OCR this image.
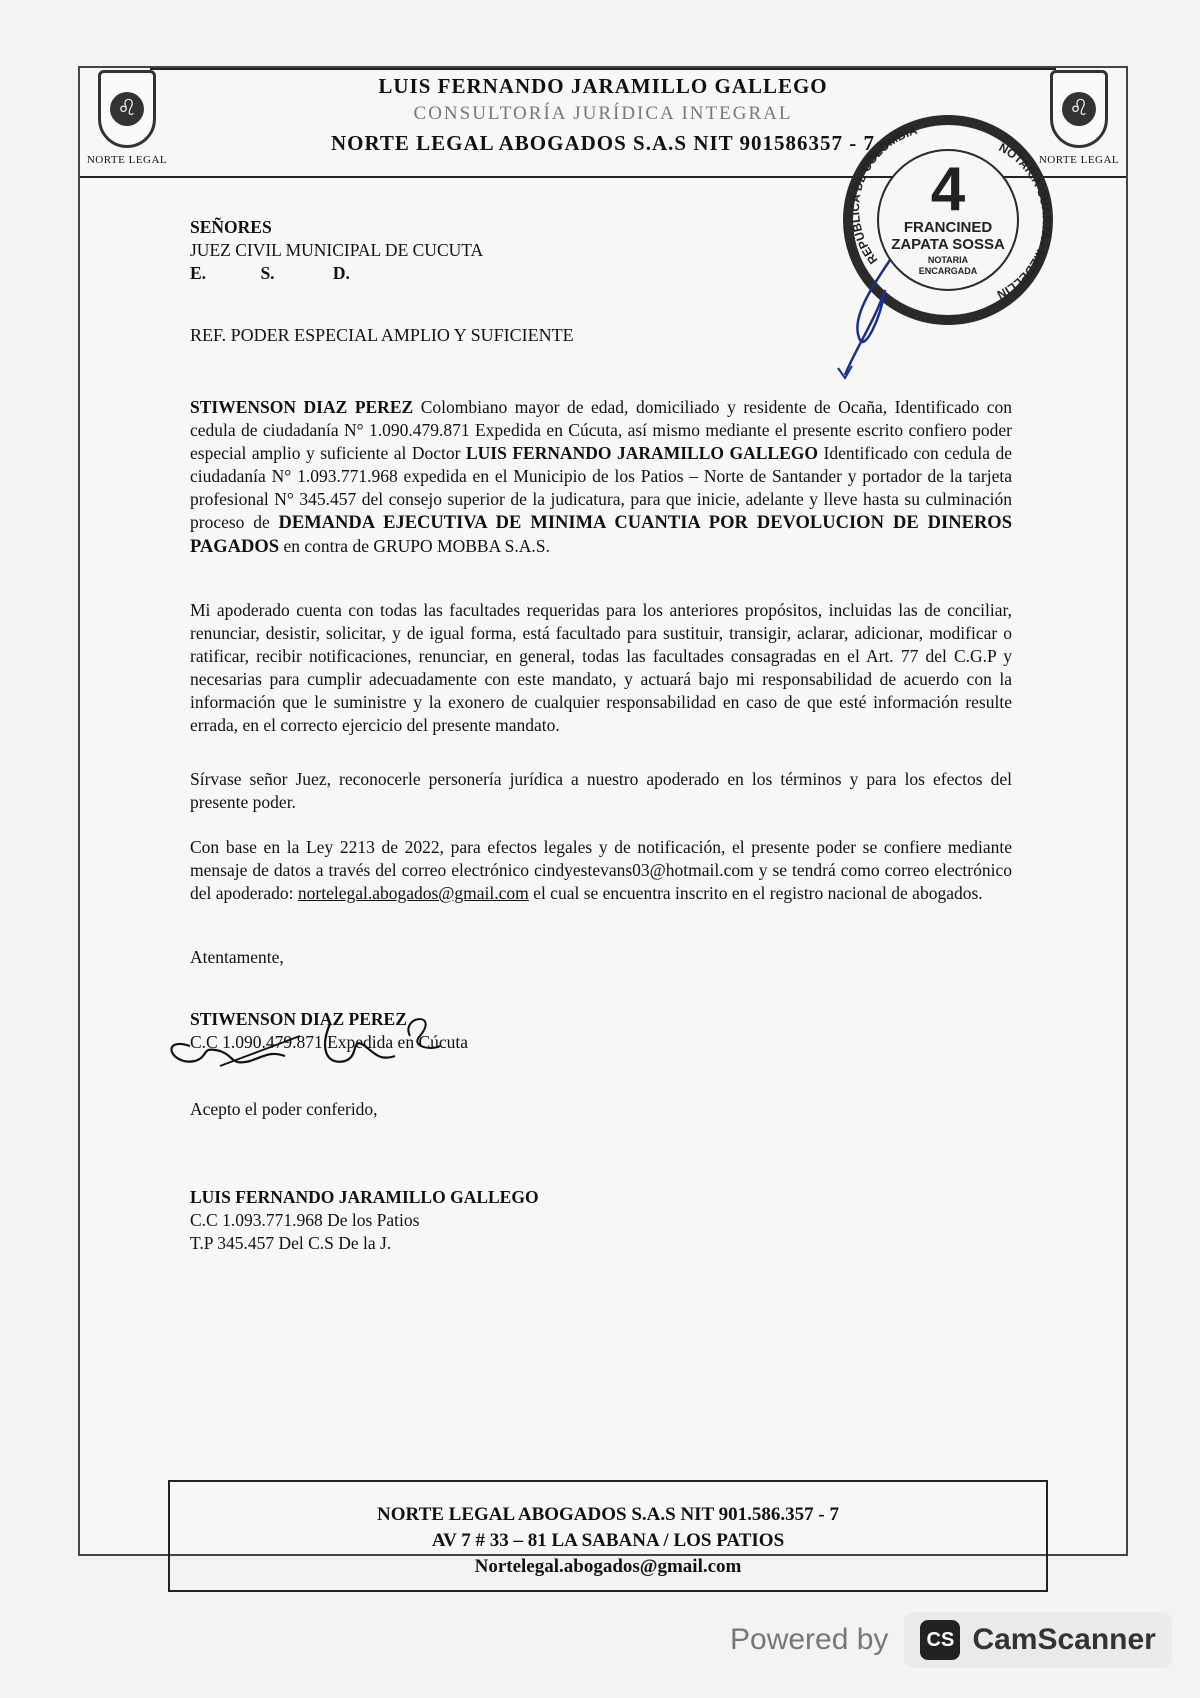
♌
NORTE LEGAL
♌
NORTE LEGAL
LUIS FERNANDO JARAMILLO GALLEGO
CONSULTORÍA JURÍDICA INTEGRAL
NORTE LEGAL ABOGADOS S.A.S NIT 901586357 - 7
SEÑORES
JUEZ CIVIL MUNICIPAL DE CUCUTA
E.	S.	D.
REF. PODER ESPECIAL AMPLIO Y SUFICIENTE
STIWENSON DIAZ PEREZ Colombiano mayor de edad, domiciliado y residente de Ocaña, Identificado con cedula de ciudadanía N° 1.090.479.871 Expedida en Cúcuta, así mismo mediante el presente escrito confiero poder especial amplio y suficiente al Doctor LUIS FERNANDO JARAMILLO GALLEGO Identificado con cedula de ciudadanía N° 1.093.771.968 expedida en el Municipio de los Patios – Norte de Santander y portador de la tarjeta profesional N° 345.457 del consejo superior de la judicatura, para que inicie, adelante y lleve hasta su culminación proceso de DEMANDA EJECUTIVA DE MINIMA CUANTIA POR DEVOLUCION DE DINEROS PAGADOS en contra de GRUPO MOBBA S.A.S.
Mi apoderado cuenta con todas las facultades requeridas para los anteriores propósitos, incluidas las de conciliar, renunciar, desistir, solicitar, y de igual forma, está facultado para sustituir, transigir, aclarar, adicionar, modificar o ratificar, recibir notificaciones, renunciar, en general, todas las facultades consagradas en el Art. 77 del C.G.P y necesarias para cumplir adecuadamente con este mandato, y actuará bajo mi responsabilidad de acuerdo con la información que le suministre y la exonero de cualquier responsabilidad en caso de que esté información resulte errada, en el correcto ejercicio del presente mandato.
Sírvase señor Juez, reconocerle personería jurídica a nuestro apoderado en los términos y para los efectos del presente poder.
Con base en la Ley 2213 de 2022, para efectos legales y de notificación, el presente poder se confiere mediante mensaje de datos a través del correo electrónico cindyestevans03@hotmail.com y se tendrá como correo electrónico del apoderado: nortelegal.abogados@gmail.com el cual se encuentra inscrito en el registro nacional de abogados.
Atentamente,
STIWENSON DIAZ PEREZ
C.C 1.090.479.871 Expedida en Cúcuta
Acepto el poder conferido,
LUIS FERNANDO JARAMILLO GALLEGO
C.C 1.093.771.968 De los Patios
T.P 345.457 Del C.S De la J.
NORTE LEGAL ABOGADOS S.A.S NIT 901.586.357 - 7
AV 7 # 33 – 81 LA SABANA / LOS PATIOS
Nortelegal.abogados@gmail.com
REPÚBLICA DE COLOMBIA
NOTARIA CUARTA - MEDELLIN
4
FRANCINED
ZAPATA SOSSA
NOTARIA
ENCARGADA
Powered by	CS CamScanner
